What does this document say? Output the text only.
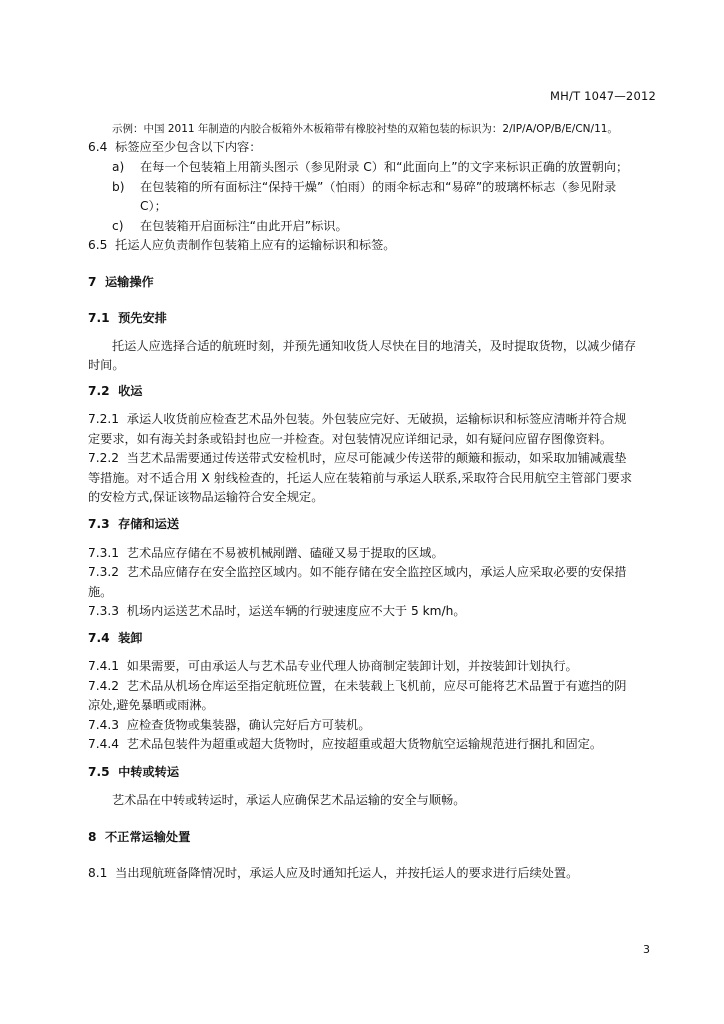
MH/T 1047—2012
示例：中国 2011 年制造的内胶合板箱外木板箱带有橡胶衬垫的双箱包装的标识为：2/IP/A/OP/B/E/CN/11。
6.4 标签应至少包含以下内容：
a) 在每一个包装箱上用箭头图示（参见附录 C）和“此面向上”的文字来标识正确的放置朝向；
b) 在包装箱的所有面标注“保持干燥”（怕雨）的雨伞标志和“易碎”的玻璃杯标志（参见附录
C）；
c) 在包装箱开启面标注“由此开启”标识。
6.5 托运人应负责制作包装箱上应有的运输标识和标签。
7 运输操作
7.1 预先安排
托运人应选择合适的航班时刻，并预先通知收货人尽快在目的地清关，及时提取货物，以减少储存
时间。
7.2 收运
7.2.1 承运人收货前应检查艺术品外包装。外包装应完好、无破损，运输标识和标签应清晰并符合规
定要求，如有海关封条或铅封也应一并检查。对包装情况应详细记录，如有疑问应留存图像资料。
7.2.2 当艺术品需要通过传送带式安检机时，应尽可能减少传送带的颠簸和振动，如采取加铺减震垫
等措施。对不适合用 X 射线检查的，托运人应在装箱前与承运人联系,采取符合民用航空主管部门要求
的安检方式,保证该物品运输符合安全规定。
7.3 存储和运送
7.3.1 艺术品应存储在不易被机械剐蹭、磕碰又易于提取的区域。
7.3.2 艺术品应储存在安全监控区域内。如不能存储在安全监控区域内，承运人应采取必要的安保措
施。
7.3.3 机场内运送艺术品时，运送车辆的行驶速度应不大于 5 km/h。
7.4 装卸
7.4.1 如果需要，可由承运人与艺术品专业代理人协商制定装卸计划，并按装卸计划执行。
7.4.2 艺术品从机场仓库运至指定航班位置，在未装载上飞机前，应尽可能将艺术品置于有遮挡的阴
凉处,避免暴晒或雨淋。
7.4.3 应检查货物或集装器，确认完好后方可装机。
7.4.4 艺术品包装件为超重或超大货物时，应按超重或超大货物航空运输规范进行捆扎和固定。
7.5 中转或转运
艺术品在中转或转运时，承运人应确保艺术品运输的安全与顺畅。
8 不正常运输处置
8.1 当出现航班备降情况时，承运人应及时通知托运人，并按托运人的要求进行后续处置。
3
